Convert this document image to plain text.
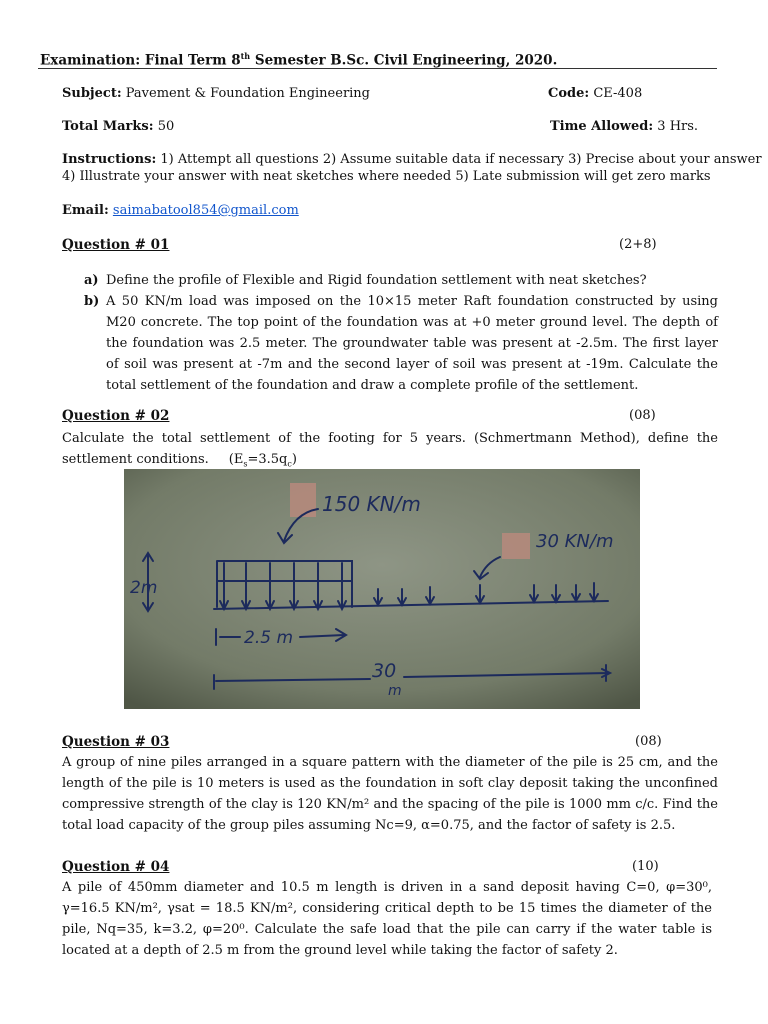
Examination: Final Term 8th Semester B.Sc. Civil Engineering, 2020.
Subject: Pavement & Foundation Engineering	Code: CE-408
Total Marks: 50	Time Allowed: 3 Hrs.
Instructions: 1) Attempt all questions 2) Assume suitable data if necessary 3) Precise about your answer
4) Illustrate your answer with neat sketches where needed 5) Late submission will get zero marks
Email: saimabatool854@gmail.com
Question # 01	(2+8)
a) Define the profile of Flexible and Rigid foundation settlement with neat sketches?
b) A 50 KN/m load was imposed on the 10×15 meter Raft foundation constructed by using M20 concrete. The top point of the foundation was at +0 meter ground level. The depth of the foundation was 2.5 meter. The groundwater table was present at -2.5m. The first layer of soil was present at -7m and the second layer of soil was present at -19m. Calculate the total settlement of the foundation and draw a complete profile of the settlement.
Question # 02	(08)
Calculate the total settlement of the footing for 5 years. (Schmertmann Method), define the settlement conditions. $(E_s=3.5q_c)$
150 KN/m
30 KN/m
2m
2.5 m
30
m
Question # 03	(08)
A group of nine piles arranged in a square pattern with the diameter of the pile is 25 cm, and the length of the pile is 10 meters is used as the foundation in soft clay deposit taking the unconfined compressive strength of the clay is 120 KN/m² and the spacing of the pile is 1000 mm c/c. Find the total load capacity of the group piles assuming Nc=9, α=0.75, and the factor of safety is 2.5.
Question # 04	(10)
A pile of 450mm diameter and 10.5 m length is driven in a sand deposit having C=0, φ=30⁰, γ=16.5 KN/m², γsat = 18.5 KN/m², considering critical depth to be 15 times the diameter of the pile, Nq=35, k=3.2, φ=20⁰. Calculate the safe load that the pile can carry if the water table is located at a depth of 2.5 m from the ground level while taking the factor of safety 2.
